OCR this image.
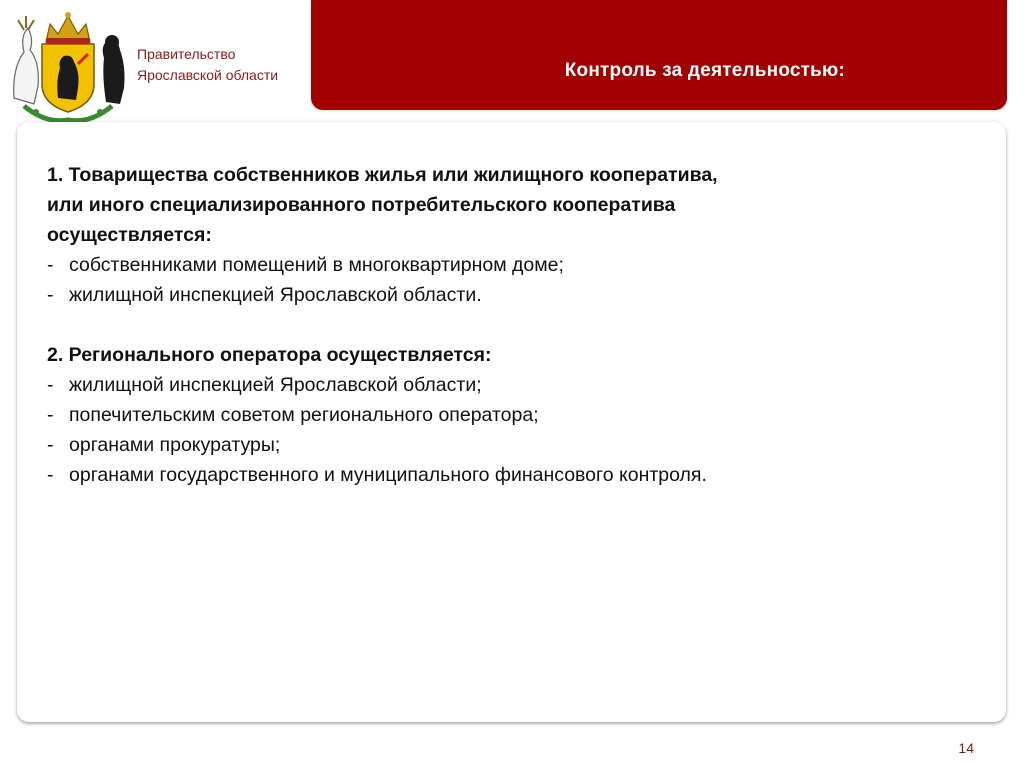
Правительство
Ярославской области	Контроль за деятельностью:
1. Товарищества собственников жилья или жилищного кооператива,
или иного специализированного потребительского кооператива
осуществляется:
- собственниками помещений в многоквартирном доме;
- жилищной инспекцией Ярославской области.
2. Регионального оператора осуществляется:
- жилищной инспекцией Ярославской области;
- попечительским советом регионального оператора;
- органами прокуратуры;
- органами государственного и муниципального финансового контроля.
14
